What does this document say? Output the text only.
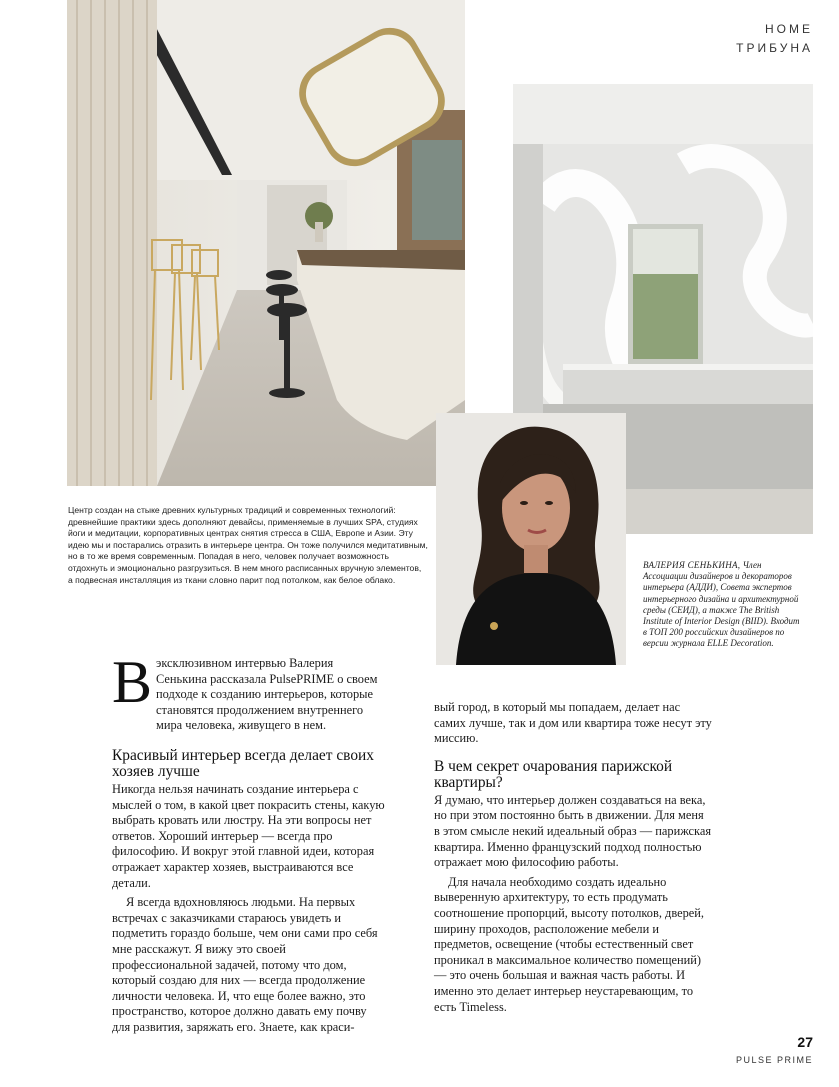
HOME
ТРИБУНА
Центр создан на стыке древних культурных традиций и современных технологий: древнейшие практики здесь дополняют девайсы, применяемые в лучших SPA, студиях йоги и медитации, корпоративных центрах снятия стресса в США, Европе и Азии. Эту идею мы и постарались отразить в интерьере центра. Он тоже получился медитативным, но в то же время современным. Попадая в него, человек получает возможность отдохнуть и эмоционально разгрузиться. В нем много расписанных вручную элементов, а подвесная инсталляция из ткани словно парит под потолком, как белое облако.
ВАЛЕРИЯ СЕНЬКИНА, Член Ассоциации дизайнеров и декораторов интерьера (АДДИ), Совета экспертов интерьерного дизайна и архитектурной среды (СЕИД), а также The British Institute of Interior Design (BIID). Входит в ТОП 200 российских дизайнеров по версии журнала ELLE Decoration.
В эксклюзивном интервью Валерия Сенькина рассказала PulsePRIME о своем подходе к созданию интерьеров, которые становятся продолжением внутреннего мира человека, живущего в нем.

Красивый интерьер всегда делает своих хозяев лучше

Никогда нельзя начинать создание интерьера с мыслей о том, в какой цвет покрасить стены, какую выбрать кровать или люстру. На эти вопросы нет ответов. Хороший интерьер — всегда про философию. И вокруг этой главной идеи, которая отражает характер хозяев, выстраиваются все детали.

Я всегда вдохновляюсь людьми. На первых встречах с заказчиками стараюсь увидеть и подметить гораздо больше, чем они сами про себя мне расскажут. Я вижу это своей профессиональной задачей, потому что дом, который создаю для них — всегда продолжение личности человека. И, что еще более важно, это пространство, которое должно давать ему почву для развития, заряжать его. Знаете, как краси-

вый город, в который мы попадаем, делает нас самих лучше, так и дом или квартира тоже несут эту миссию.

В чем секрет очарования парижской квартиры?

Я думаю, что интерьер должен создаваться на века, но при этом постоянно быть в движении. Для меня в этом смысле некий идеальный образ — парижская квартира. Именно французский подход полностью отражает мою философию работы.

Для начала необходимо создать идеально выверенную архитектуру, то есть продумать соотношение пропорций, высоту потолков, дверей, ширину проходов, расположение мебели и предметов, освещение (чтобы естественный свет проникал в максимальное количество помещений) — это очень большая и важная часть работы. И именно это делает интерьер неустаревающим, то есть Timeless.

27
PULSE PRIME
